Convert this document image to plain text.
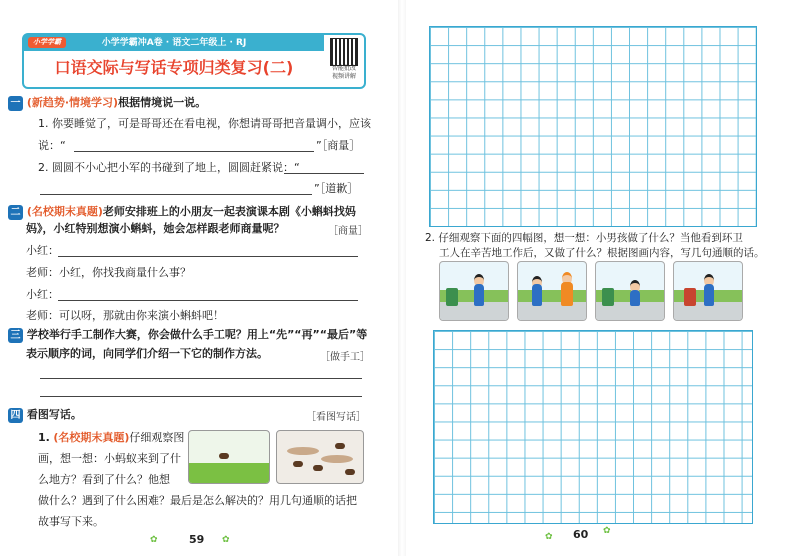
小学学霸冲A卷 · 语文二年级上 · RJ
小学学霸
口语交际与写话专项归类复习(二)	智能批改
视频讲解
一 (新趋势·情境学习)根据情境说一说。
1. 你要睡觉了，可是哥哥还在看电视，你想请哥哥把音量调小，应该
说：“	”［商量］
2. 圆圆不小心把小军的书碰到了地上，圆圆赶紧说：“
”［道歉］
二 (名校期末真题)老师安排班上的小朋友一起表演课本剧《小蝌蚪找妈
妈》，小红特别想演小蝌蚪，她会怎样跟老师商量呢？	［商量］
小红：
老师：小红，你找我商量什么事？
小红：
老师：可以呀，那就由你来演小蝌蚪吧！
三 学校举行手工制作大赛，你会做什么手工呢？用上“先”“再”“最后”等
表示顺序的词，向同学们介绍一下它的制作方法。	［做手工］
四 看图写话。	［看图写话］
1. (名校期末真题)仔细观察图
画，想一想：小蚂蚁来到了什
么地方？看到了什么？他想
做什么？遇到了什么困难？最后是怎么解决的？用几句通顺的话把
故事写下来。
✿	59 ✿
2. 仔细观察下面的四幅图，想一想：小男孩做了什么？当他看到环卫
工人在辛苦地工作后，又做了什么？根据图画内容，写几句通顺的话。
✿ 60 ✿
